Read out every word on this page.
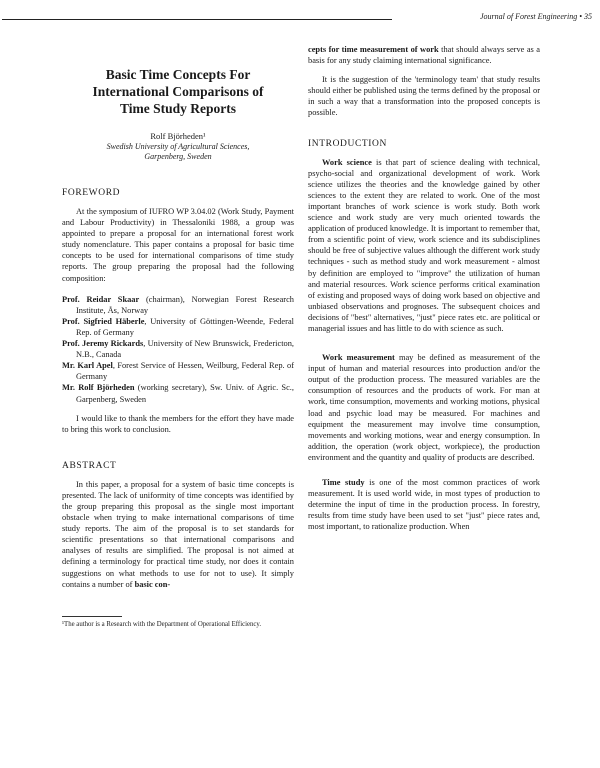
Journal of Forest Engineering • 35
Basic Time Concepts For
International Comparisons of
Time Study Reports
Rolf Björheden¹
Swedish University of Agricultural Sciences,
Garpenberg, Sweden
FOREWORD

At the symposium of IUFRO WP 3.04.02 (Work Study, Payment and Labour Productivity) in Thessaloniki 1988, a group was appointed to prepare a proposal for an international forest work study nomenclature. This paper contains a proposal for basic time concepts to be used for international comparisons of time study reports. The group preparing the proposal had the following composition:

Prof. Reidar Skaar (chairman), Norwegian Forest Research Institute, Ås, Norway
Prof. Sigfried Häberle, University of Göttingen-Weende, Federal Rep. of Germany
Prof. Jeremy Rickards, University of New Brunswick, Fredericton, N.B., Canada
Mr. Karl Apel, Forest Service of Hessen, Weilburg, Federal Rep. of Germany
Mr. Rolf Björheden (working secretary), Sw. Univ. of Agric. Sc., Garpenberg, Sweden

I would like to thank the members for the effort they have made to bring this work to conclusion.

ABSTRACT

In this paper, a proposal for a system of basic time concepts is presented. The lack of uniformity of time concepts was identified by the group preparing this proposal as the single most important obstacle when trying to make international comparisons of time study reports. The aim of the proposal is to set standards for scientific presentations so that international comparisons and analyses of results are simplified. The proposal is not aimed at defining a terminology for practical time study, nor does it contain suggestions on what methods to use for not to use). It simply contains a number of basic con-

¹The author is a Research with the Department of Operational Efficiency.

cepts for time measurement of work that should always serve as a basis for any study claiming international significance.

It is the suggestion of the 'terminology team' that study results should either be published using the terms defined by the proposal or in such a way that a transformation into the proposed concepts is possible.

INTRODUCTION

Work science is that part of science dealing with technical, psycho-social and organizational development of work. Work science utilizes the theories and the knowledge gained by other sciences to the extent they are related to work. One of the most important branches of work science is work study. Both work science and work study are very much oriented towards the application of produced knowledge. It is important to remember that, from a scientific point of view, work science and its subdisciplines should be free of subjective values although the different work study techniques - such as method study and work measurement - almost by definition are employed to "improve" the utilization of human and material resources. Work science performs critical examination of existing and proposed ways of doing work based on objective and unbiased observations and prognoses. The subsequent choices and decisions of "best" alternatives, "just" piece rates etc. are political or managerial issues and has little to do with science as such.

Work measurement may be defined as measurement of the input of human and material resources into production and/or the output of the production process. The measured variables are the consumption of resources and the products of work. For man at work, time consumption, movements and working motions, physical load and psychic load may be measured. For machines and equipment the measurement may involve time consumption, movements and working motions, wear and energy consumption. In addition, the operation (work object, workpiece), the production environment and the quantity and quality of products are described.

Time study is one of the most common practices of work measurement. It is used world wide, in most types of production to determine the input of time in the production process. In forestry, results from time study have been used to set "just" piece rates and, most important, to rationalize production. When
